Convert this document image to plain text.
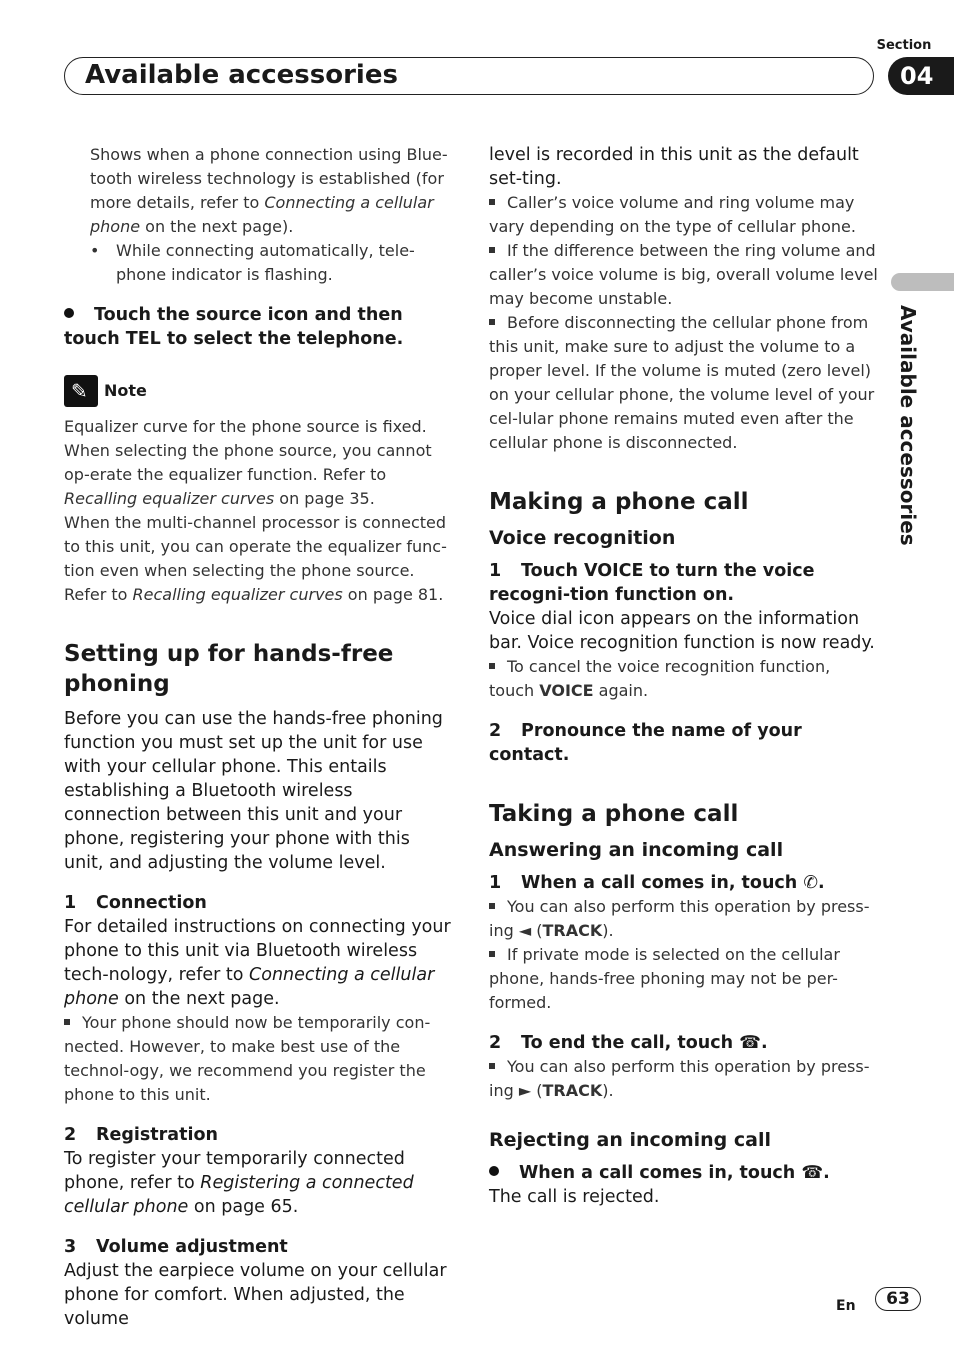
Section
Available accessories	04
Available accessories
Shows when a phone connection using Blue-tooth wireless technology is established (for more details, refer to Connecting a cellular phone on the next page).
• While connecting automatically, tele-phone indicator is flashing.
Touch the source icon and then touch TEL to select the telephone.
✎ Note
Equalizer curve for the phone source is fixed. When selecting the phone source, you cannot op-erate the equalizer function. Refer to Recalling equalizer curves on page 35.
When the multi-channel processor is connected to this unit, you can operate the equalizer func-tion even when selecting the phone source. Refer to Recalling equalizer curves on page 81.
Setting up for hands-free phoning

Before you can use the hands-free phoning function you must set up the unit for use with your cellular phone. This entails establishing a Bluetooth wireless connection between this unit and your phone, registering your phone with this unit, and adjusting the volume level.

1 Connection

For detailed instructions on connecting your phone to this unit via Bluetooth wireless tech-nology, refer to Connecting a cellular phone on the next page.

Your phone should now be temporarily con-nected. However, to make best use of the technol-ogy, we recommend you register the phone to this unit.
2 Registration

To register your temporarily connected phone, refer to Registering a connected cellular phone on page 65.

3 Volume adjustment

Adjust the earpiece volume on your cellular phone for comfort. When adjusted, the volume

level is recorded in this unit as the default set-ting.

Caller’s voice volume and ring volume may vary depending on the type of cellular phone.
If the difference between the ring volume and caller’s voice volume is big, overall volume level may become unstable.
Before disconnecting the cellular phone from this unit, make sure to adjust the volume to a proper level. If the volume is muted (zero level) on your cellular phone, the volume level of your cel-lular phone remains muted even after the cellular phone is disconnected.
Making a phone call
Voice recognition
1 Touch VOICE to turn the voice recogni-tion function on.

Voice dial icon appears on the information bar. Voice recognition function is now ready.

To cancel the voice recognition function, touch VOICE again.
2 Pronounce the name of your contact.
Taking a phone call
Answering an incoming call
1 When a call comes in, touch ✆.
You can also perform this operation by press-ing ◄ (TRACK).
If private mode is selected on the cellular phone, hands-free phoning may not be per-formed.
2 To end the call, touch ☎.
You can also perform this operation by press-ing ► (TRACK).
Rejecting an incoming call
When a call comes in, touch ☎.

The call is rejected.

En	63
